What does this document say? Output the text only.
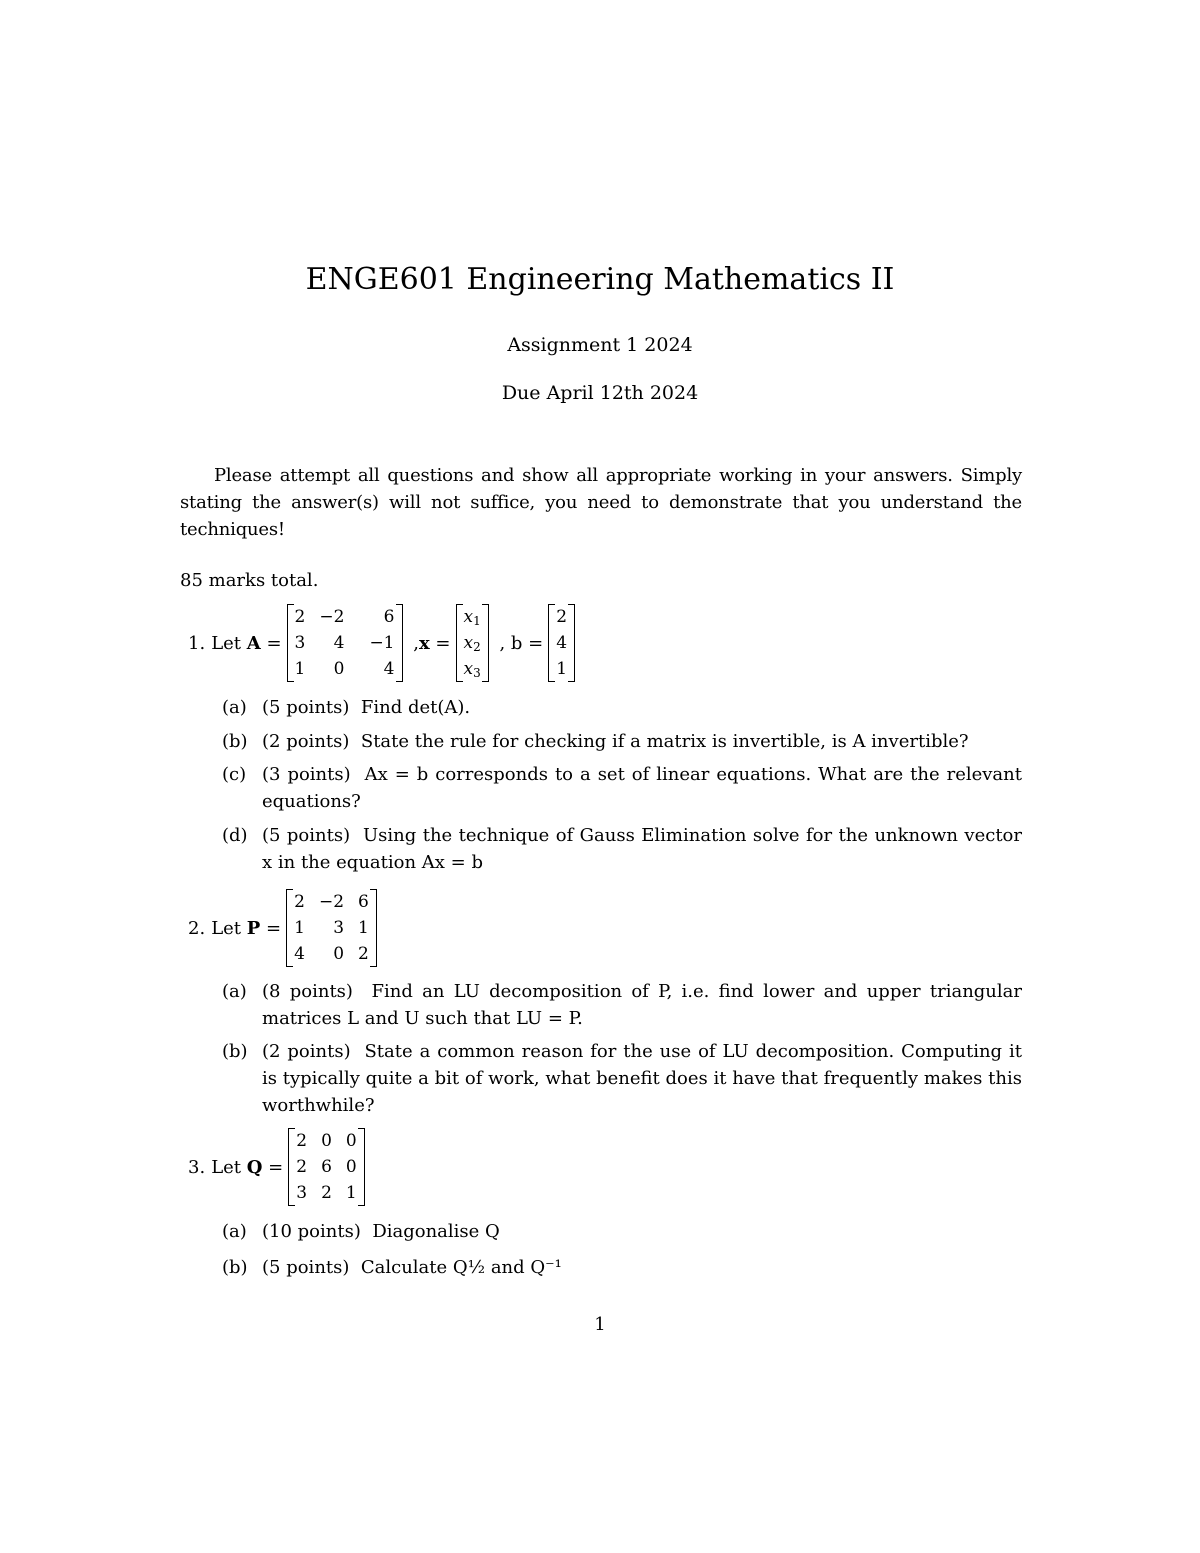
ENGE601 Engineering Mathematics II
Assignment 1 2024
Due April 12th 2024
Please attempt all questions and show all appropriate working in your answers. Simply stating the answer(s) will not suffice, you need to demonstrate that you understand the techniques!
85 marks total.
1. Let
A =
2	−2	6
3	4	−1
1	0	4
, x =
$x_1$
$x_2$
$x_3$
, b =
2
4
1
(a) (5 points) Find det(A).
(b) (2 points) State the rule for checking if a matrix is invertible, is A invertible?
(c) (3 points) Ax = b corresponds to a set of linear equations. What are the relevant equations?
(d) (5 points) Using the technique of Gauss Elimination solve for the unknown vector x in the equation Ax = b
2. Let
P =
2	−2	6
1	3	1
4	0	2
(a) (8 points) Find an LU decomposition of P, i.e. find lower and upper triangular matrices L and U such that LU = P.
(b) (2 points) State a common reason for the use of LU decomposition. Computing it is typically quite a bit of work, what benefit does it have that frequently makes this worthwhile?
3. Let
Q =
2	0	0
2	6	0
3	2	1
(a) (10 points) Diagonalise Q
(b) (5 points) Calculate Q½ and Q⁻¹
1
